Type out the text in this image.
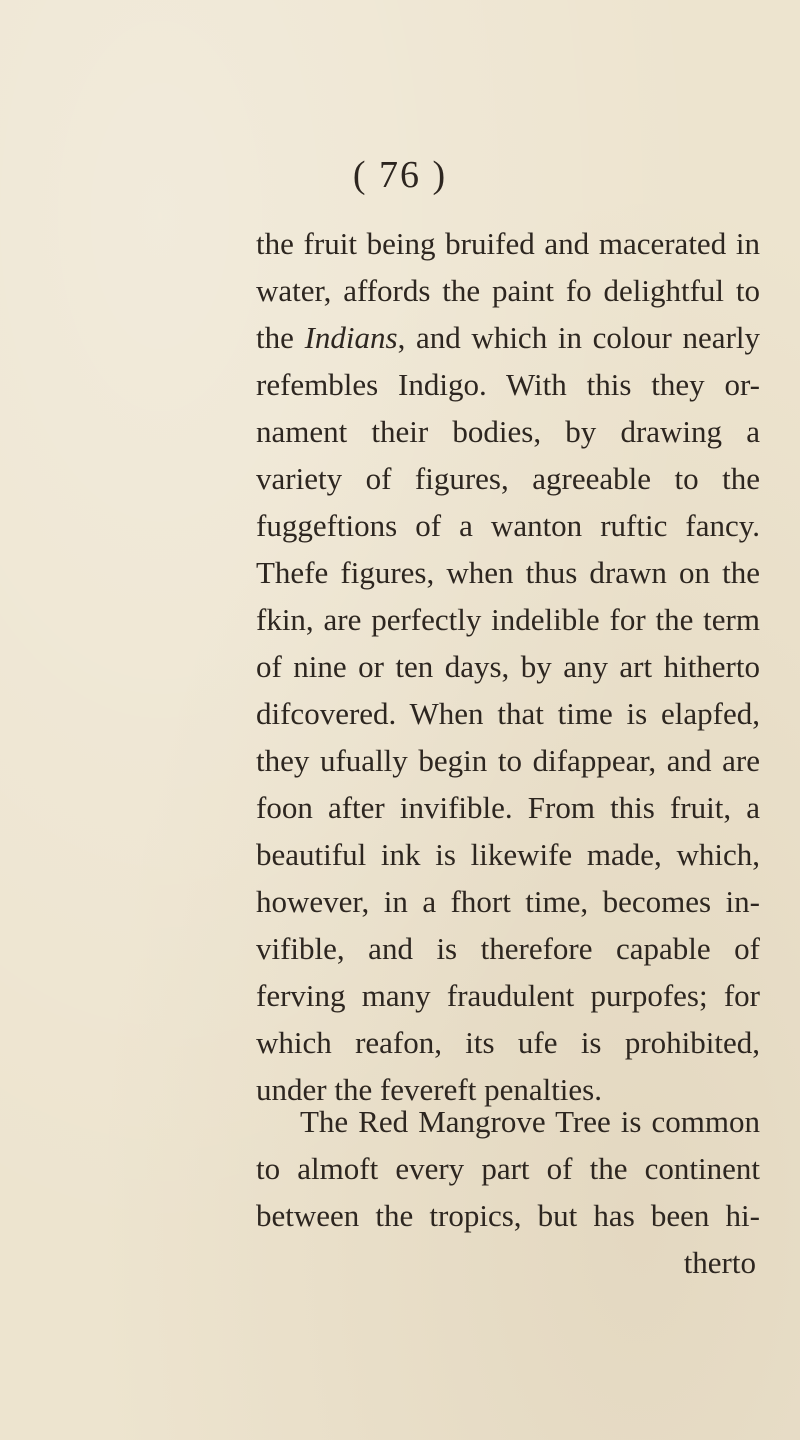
( 76 )
the fruit being bruifed and macerated in
water, affords the paint fo delightful to
the Indians, and which in colour nearly
refembles Indigo. With this they or-
nament their bodies, by drawing a
variety of figures, agreeable to the
fuggeftions of a wanton ruftic fancy.
Thefe figures, when thus drawn on the
fkin, are perfectly indelible for the term
of nine or ten days, by any art hitherto
difcovered. When that time is elapfed,
they ufually begin to difappear, and are
foon after invifible. From this fruit, a
beautiful ink is likewife made, which,
however, in a fhort time, becomes in-
vifible, and is therefore capable of
ferving many fraudulent purpofes; for
which reafon, its ufe is prohibited,
under the fevereft penalties.
The Red Mangrove Tree is common
to almoft every part of the continent
between the tropics, but has been hi-
therto
